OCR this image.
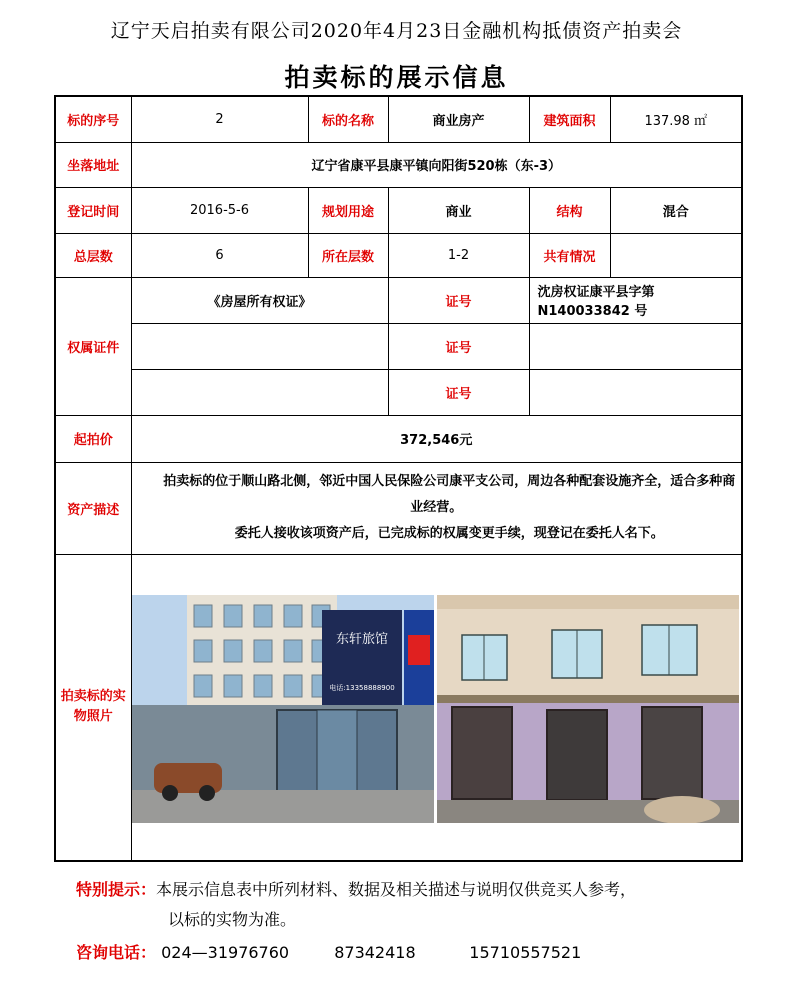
辽宁天启拍卖有限公司2020年4月23日金融机构抵债资产拍卖会
拍卖标的展示信息
标的序号	2	标的名称	商业房产	建筑面积	137.98 ㎡
坐落地址	辽宁省康平县康平镇向阳街520栋（东-3）				
登记时间	2016-5-6	规划用途	商业	结构	混合
总层数	6	所在层数	1-2	共有情况	
权属证件	《房屋所有权证》		证号	沈房权证康平县字第 N140033842 号	
			证号		
			证号		
起拍价	372,546元				
资产描述	拍卖标的位于顺山路北侧，邻近中国人民保险公司康平支公司，周边各种配套设施齐全，适合多种商业经营。

委托人接收该项资产后，已完成标的权属变更手续，现登记在委托人名下。				

拍卖标的实物照片	东轩旅馆
电话:13358888900				
特别提示：本展示信息表中所列材料、数据及相关描述与说明仅供竞买人参考，
以标的实物为准。
咨询电话： 024—31976760	87342418	15710557521
